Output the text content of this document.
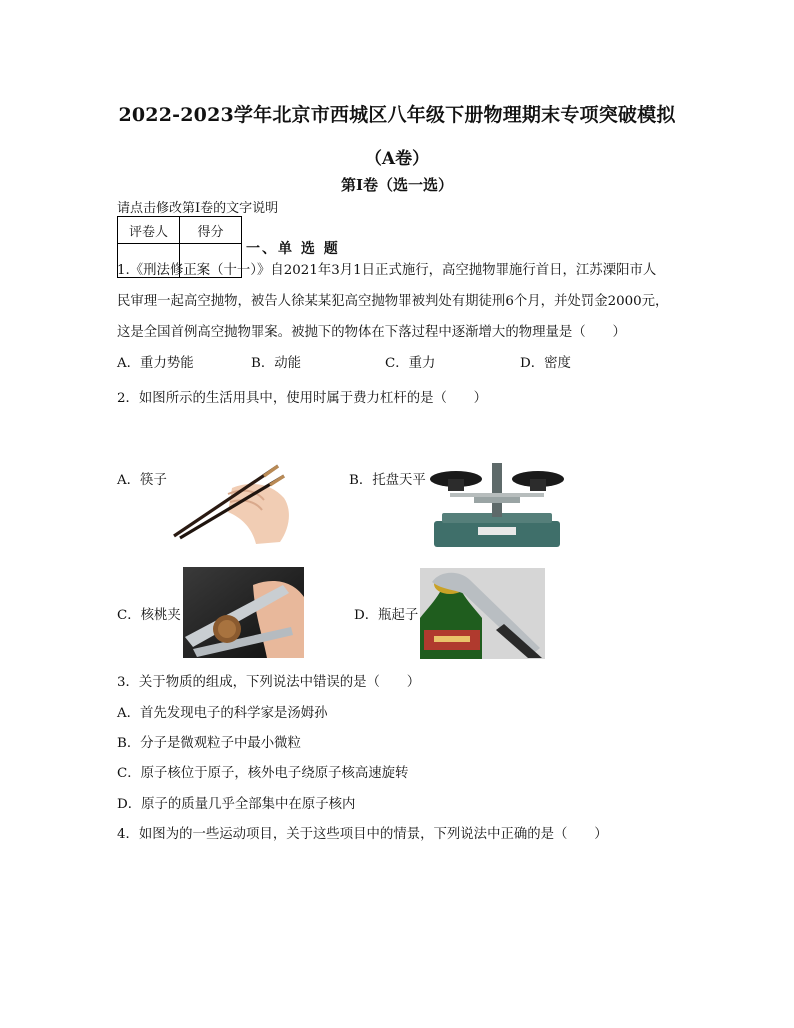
2022-2023学年北京市西城区八年级下册物理期末专项突破模拟
（A卷）
第I卷（选一选）
请点击修改第I卷的文字说明
评卷人	得分

一、单 选 题
1.《刑法修正案（十一）》自2021年3月1日正式施行，高空抛物罪施行首日，江苏溧阳市人
民审理一起高空抛物，被告人徐某某犯高空抛物罪被判处有期徒刑6个月，并处罚金2000元，
这是全国首例高空抛物罪案。被抛下的物体在下落过程中逐渐增大的物理量是（　　）
A．重力势能	B．动能	C．重力	D．密度
2．如图所示的生活用具中，使用时属于费力杠杆的是（　　）
A．筷子	B．托盘天平
C．核桃夹	D．瓶起子
3．关于物质的组成，下列说法中错误的是（　　）
A．首先发现电子的科学家是汤姆孙
B．分子是微观粒子中最小微粒
C．原子核位于原子，核外电子绕原子核高速旋转
D．原子的质量几乎全部集中在原子核内
4．如图为的一些运动项目，关于这些项目中的情景，下列说法中正确的是（　　）
